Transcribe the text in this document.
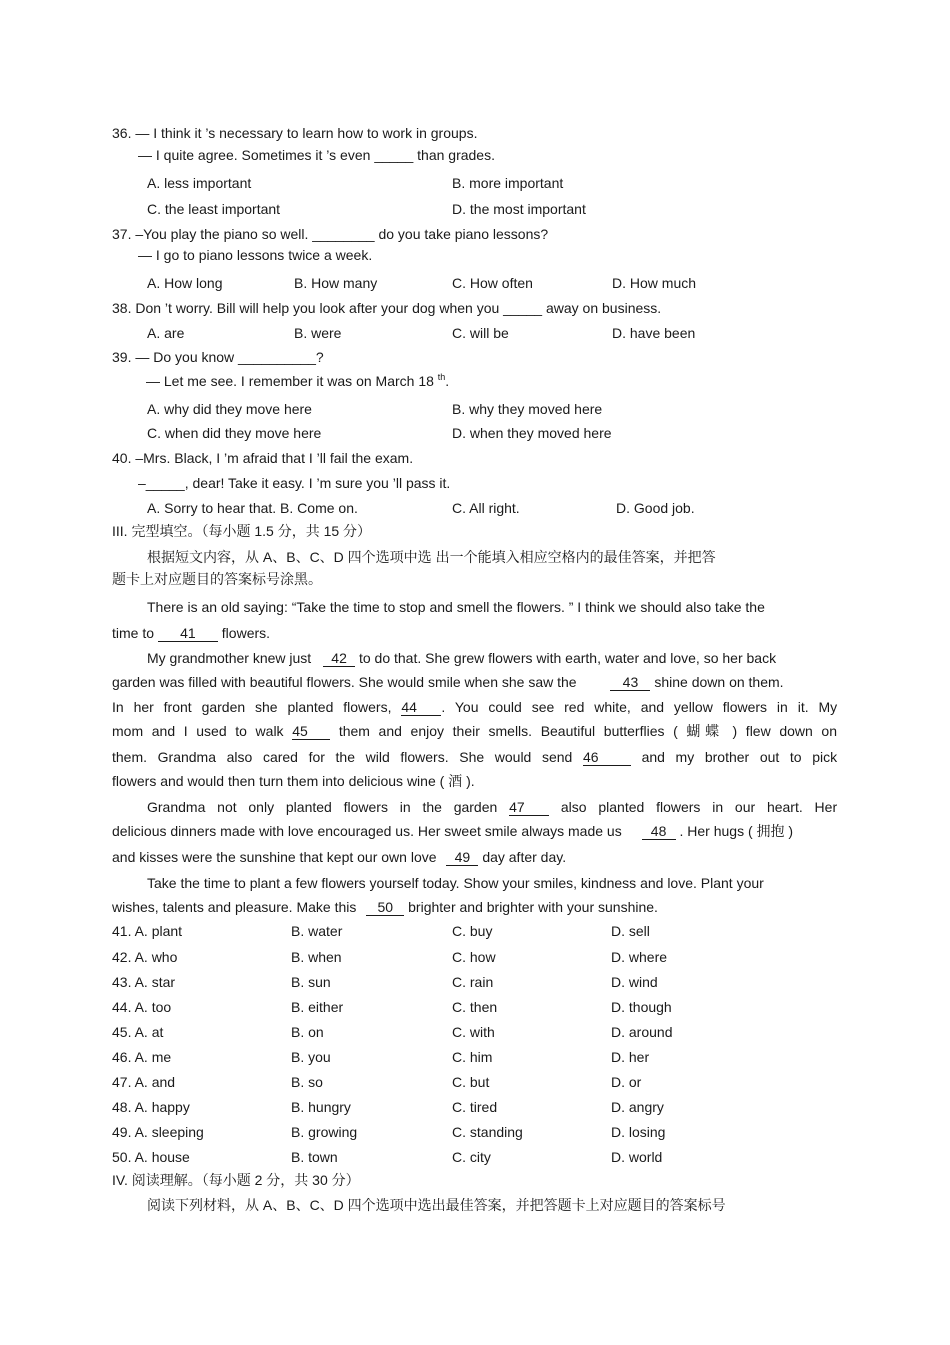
36. — I think it ’s necessary to learn how to work in groups.
— I quite agree. Sometimes it ’s even _____ than grades.
A. less important	B. more important
C. the least important	D. the most important
37. –You play the piano so well. ________ do you take piano lessons?
— I go to piano lessons twice a week.
A. How long	B. How many	C. How often	D. How much
38. Don ’t worry. Bill will help you look after your dog when you _____ away on business.
A. are	B. were	C. will be	D. have been
39. — Do you know __________?
— Let me see. I remember it was on March 18 $^{th}$.
A. why did they move here	B. why they moved here
C. when did they move here	D. when they moved here
40. –Mrs. Black, I ’m afraid that I ’ll fail the exam.
–_____, dear! Take it easy. I ’m sure you ’ll pass it.
A. Sorry to hear that. B. Come on.	C. All right.	D. Good job.
III. 完型填空。（每小题 1.5 分，共 15 分）
根据短文内容，从 A、B、C、D 四个选项中选 出一个能填入相应空格内的最佳答案，并把答
题卡上对应题目的答案标号涂黑。
There is an old saying: “Take the time to stop and smell the flowers. ” I think we should also take the
time to 41 flowers.
My grandmother knew just 42 to do that. She grew flowers with earth, water and love, so her back
garden was filled with beautiful flowers. She would smile when she saw the	43 shine down on them.
In her front garden she planted flowers, 44 . You could see red white, and yellow flowers in it. My
mom and I used to walk 45 them and enjoy their smells. Beautiful butterflies ( 蝴蝶 ) flew down on
them. Grandma also cared for the wild flowers. She would send 46	and my brother out to pick
flowers and would then turn them into delicious wine ( 酒 ).
Grandma not only planted flowers in the garden 47	also planted flowers in our heart. Her
delicious dinners made with love encouraged us. Her sweet smile always made us 48 . Her hugs ( 拥抱 )
and kisses were the sunshine that kept our own love 49 day after day.
Take the time to plant a few flowers yourself today. Show your smiles, kindness and love. Plant your
wishes, talents and pleasure. Make this 50 brighter and brighter with your sunshine.
41. A. plant	B. water	C. buy	D. sell
42. A. who	B. when	C. how	D. where
43. A. star	B. sun	C. rain	D. wind
44. A. too	B. either	C. then	D. though
45. A. at	B. on	C. with	D. around
46. A. me	B. you	C. him	D. her
47. A. and	B. so	C. but	D. or
48. A. happy	B. hungry	C. tired	D. angry
49. A. sleeping	B. growing	C. standing	D. losing
50. A. house	B. town	C. city	D. world
IV. 阅读理解。（每小题 2 分，共 30 分）
阅读下列材料，从 A、B、C、D 四个选项中选出最佳答案，并把答题卡上对应题目的答案标号
